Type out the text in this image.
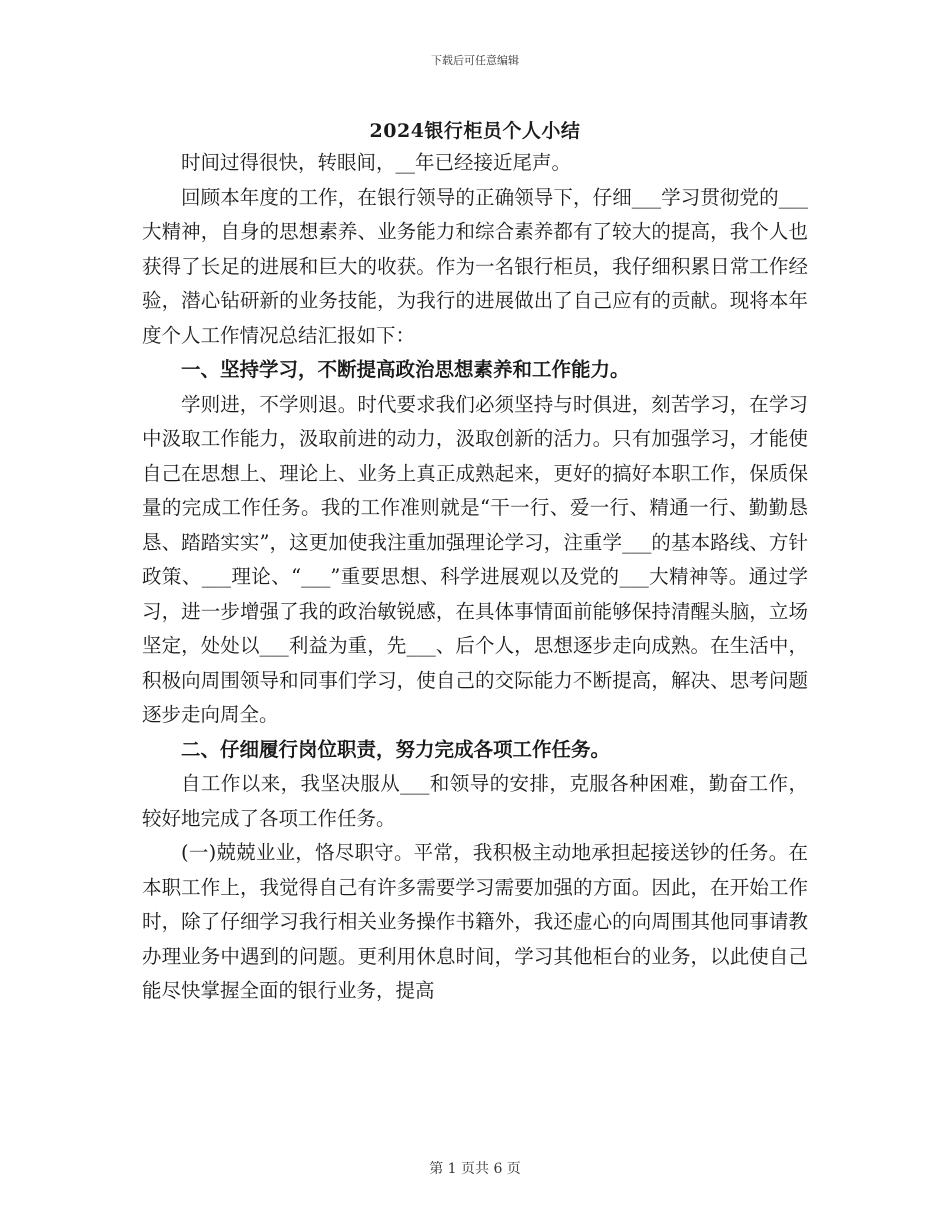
下载后可任意编辑
2024银行柜员个人小结

时间过得很快，转眼间，__年已经接近尾声。

回顾本年度的工作，在银行领导的正确领导下，仔细___学习贯彻党的___大精神，自身的思想素养、业务能力和综合素养都有了较大的提高，我个人也获得了长足的进展和巨大的收获。作为一名银行柜员，我仔细积累日常工作经验，潜心钻研新的业务技能，为我行的进展做出了自己应有的贡献。现将本年度个人工作情况总结汇报如下：

一、坚持学习，不断提高政治思想素养和工作能力。

学则进，不学则退。时代要求我们必须坚持与时俱进，刻苦学习，在学习中汲取工作能力，汲取前进的动力，汲取创新的活力。只有加强学习，才能使自己在思想上、理论上、业务上真正成熟起来，更好的搞好本职工作，保质保量的完成工作任务。我的工作准则就是“干一行、爱一行、精通一行、勤勤恳恳、踏踏实实”，这更加使我注重加强理论学习，注重学___的基本路线、方针政策、___理论、“___”重要思想、科学进展观以及党的___大精神等。通过学习，进一步增强了我的政治敏锐感，在具体事情面前能够保持清醒头脑，立场坚定，处处以___利益为重，先___、后个人，思想逐步走向成熟。在生活中，积极向周围领导和同事们学习，使自己的交际能力不断提高，解决、思考问题逐步走向周全。

二、仔细履行岗位职责，努力完成各项工作任务。

自工作以来，我坚决服从___和领导的安排，克服各种困难，勤奋工作，较好地完成了各项工作任务。

(一)兢兢业业，恪尽职守。平常，我积极主动地承担起接送钞的任务。在本职工作上，我觉得自己有许多需要学习需要加强的方面。因此，在开始工作时，除了仔细学习我行相关业务操作书籍外，我还虚心的向周围其他同事请教办理业务中遇到的问题。更利用休息时间，学习其他柜台的业务，以此使自己能尽快掌握全面的银行业务，提高

第 1 页共 6 页
